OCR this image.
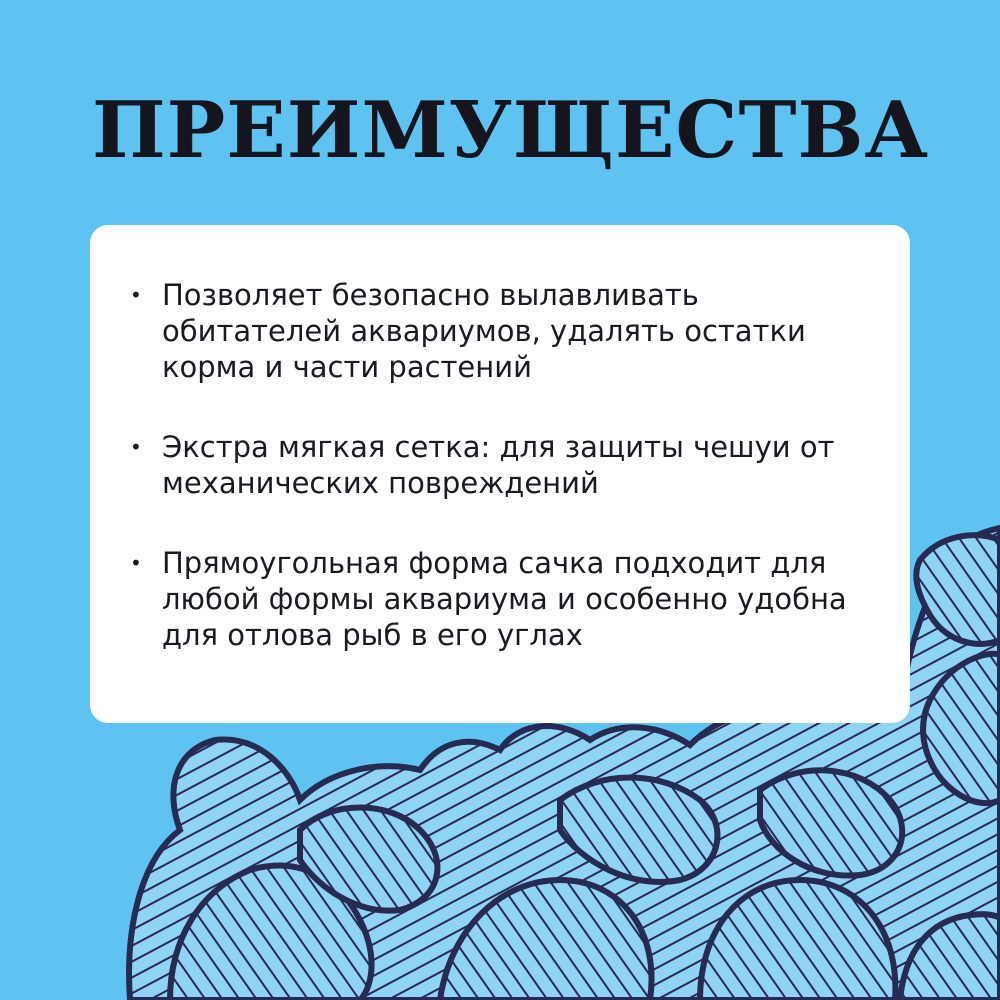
ПРЕИМУЩЕСТВА
• Позволяет безопасно вылавливать обитателей аквариумов, удалять остатки корма и части растений
• Экстра мягкая сетка: для защиты чешуи от механических повреждений
• Прямоугольная форма сачка подходит для любой формы аквариума и особенно удобна для отлова рыб в его углах
